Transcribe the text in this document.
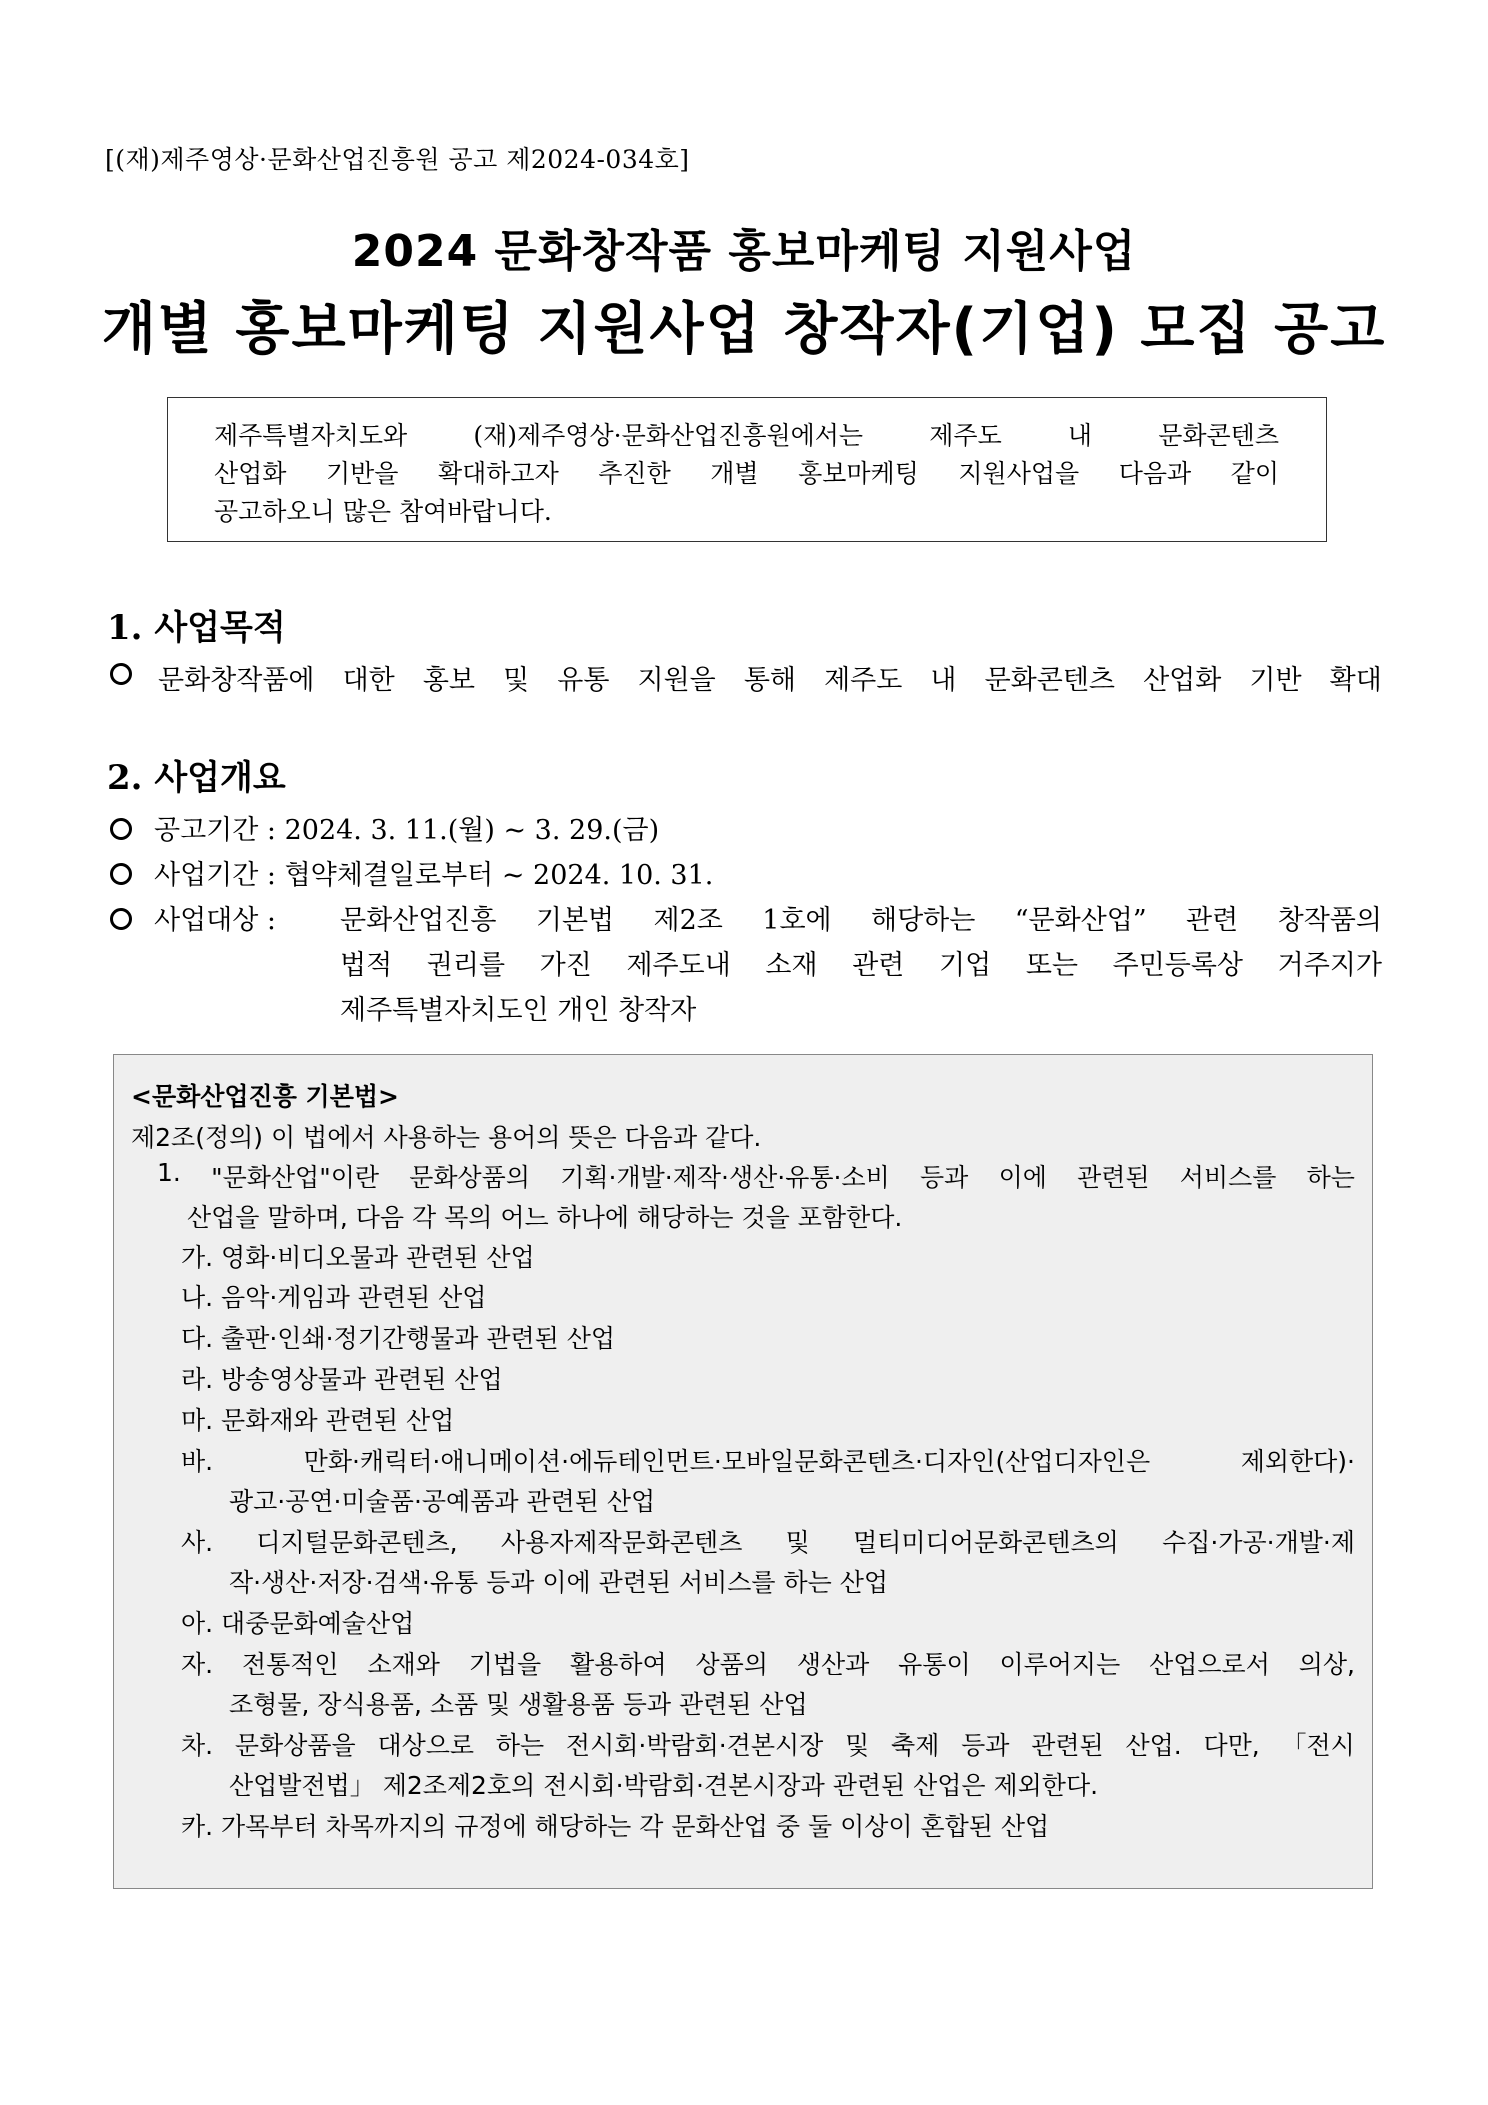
[(재)제주영상·문화산업진흥원 공고 제2024-034호]
2024 문화창작품 홍보마케팅 지원사업
개별 홍보마케팅 지원사업 창작자(기업) 모집 공고
제주특별자치도와	(재)제주영상·문화산업진흥원에서는	제주도	내	문화콘텐츠
산업화 기반을 확대하고자 추진한 개별 홍보마케팅 지원사업을 다음과 같이
공고하오니 많은 참여바랍니다.
1. 사업목적
문화창작품에 대한 홍보 및 유통 지원을 통해 제주도 내 문화콘텐츠 산업화 기반 확대
2. 사업개요
공고기간 : 2024. 3. 11.(월) ~ 3. 29.(금)
사업기간 : 협약체결일로부터 ~ 2024. 10. 31.
사업대상 : 문화산업진흥 기본법 제2조 1호에 해당하는 “문화산업” 관련 창작품의
법적 권리를 가진 제주도내 소재 관련 기업 또는 주민등록상 거주지가
제주특별자치도인 개인 창작자
<문화산업진흥 기본법>
제2조(정의) 이 법에서 사용하는 용어의 뜻은 다음과 같다.
1. "문화산업"이란 문화상품의 기획·개발·제작·생산·유통·소비 등과 이에 관련된 서비스를 하는
산업을 말하며, 다음 각 목의 어느 하나에 해당하는 것을 포함한다.
가. 영화·비디오물과 관련된 산업
나. 음악·게임과 관련된 산업
다. 출판·인쇄·정기간행물과 관련된 산업
라. 방송영상물과 관련된 산업
마. 문화재와 관련된 산업
바.	만화·캐릭터·애니메이션·에듀테인먼트·모바일문화콘텐츠·디자인(산업디자인은	제외한다)·
광고·공연·미술품·공예품과 관련된 산업
사. 디지털문화콘텐츠, 사용자제작문화콘텐츠 및 멀티미디어문화콘텐츠의 수집·가공·개발·제
작·생산·저장·검색·유통 등과 이에 관련된 서비스를 하는 산업
아. 대중문화예술산업
자. 전통적인 소재와 기법을 활용하여 상품의 생산과 유통이 이루어지는 산업으로서 의상,
조형물, 장식용품, 소품 및 생활용품 등과 관련된 산업
차. 문화상품을 대상으로 하는 전시회·박람회·견본시장 및 축제 등과 관련된 산업. 다만, 「전시
산업발전법」 제2조제2호의 전시회·박람회·견본시장과 관련된 산업은 제외한다.
카. 가목부터 차목까지의 규정에 해당하는 각 문화산업 중 둘 이상이 혼합된 산업
